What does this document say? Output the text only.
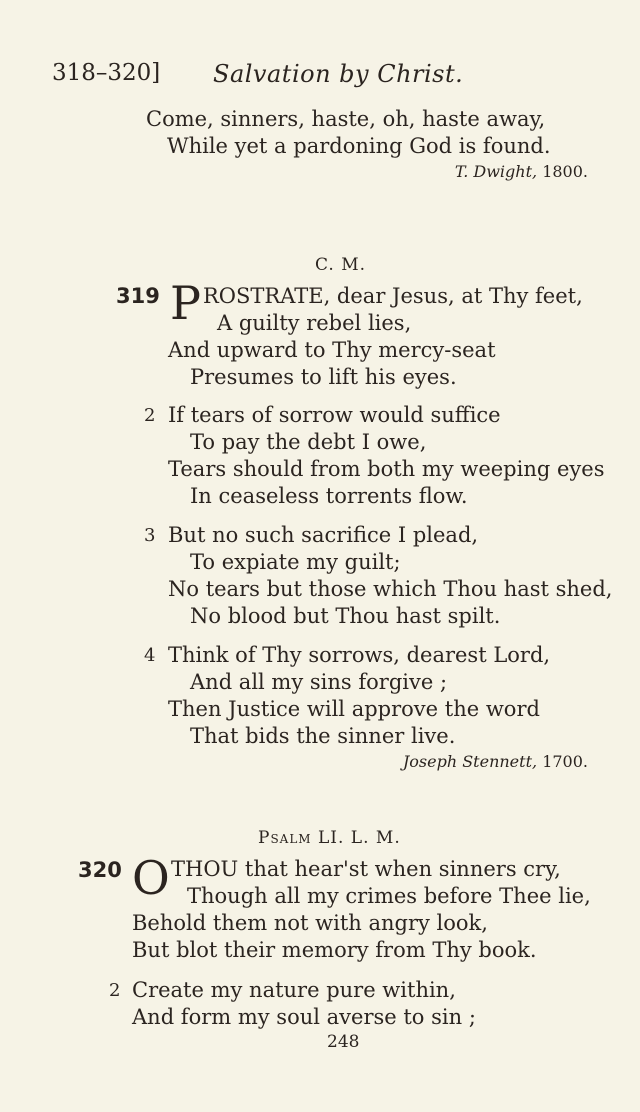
318–320] Salvation by Christ.
Come, sinners, haste, oh, haste away,
While yet a pardoning God is found.
T. Dwight, 1800.
C. M.
319 P ROSTRATE, dear Jesus, at Thy feet,
A guilty rebel lies,
And upward to Thy mercy-seat
Presumes to lift his eyes.
2 If tears of sorrow would suffice
To pay the debt I owe,
Tears should from both my weeping eyes
In ceaseless torrents flow.
3 But no such sacrifice I plead,
To expiate my guilt;
No tears but those which Thou hast shed,
No blood but Thou hast spilt.
4 Think of Thy sorrows, dearest Lord,
And all my sins forgive ;
Then Justice will approve the word
That bids the sinner live.
Joseph Stennett, 1700.
Psalm LI. L. M.
320 O THOU that hear'st when sinners cry,
Though all my crimes before Thee lie,
Behold them not with angry look,
But blot their memory from Thy book.
2 Create my nature pure within,
And form my soul averse to sin ;
248
